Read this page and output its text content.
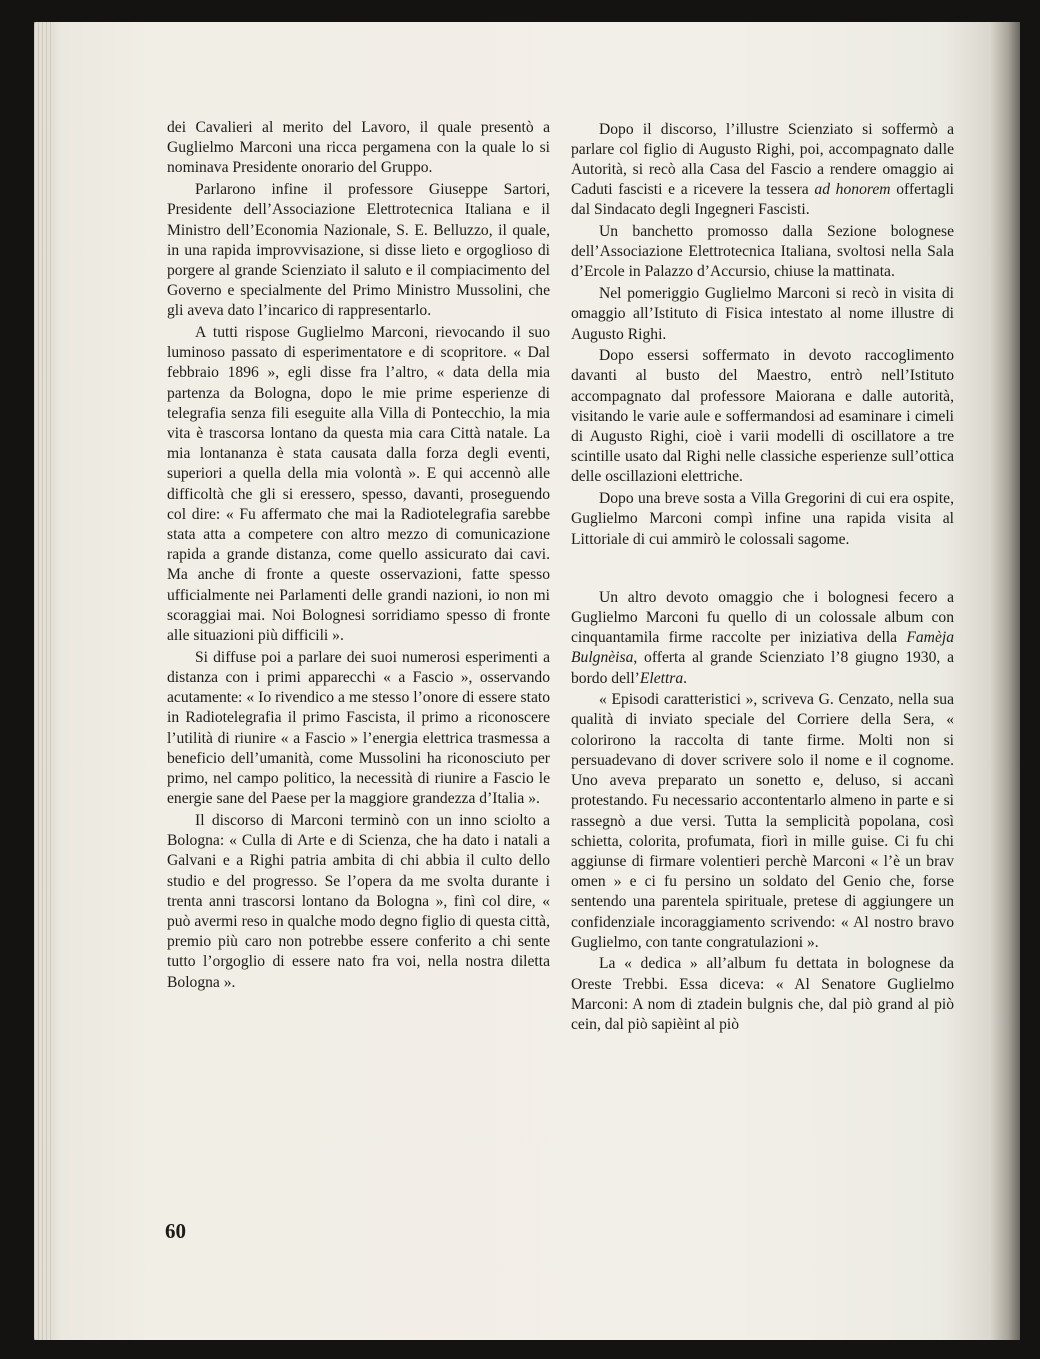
dei Cavalieri al merito del Lavoro, il quale presentò a Guglielmo Marconi una ricca pergamena con la quale lo si nominava Presidente onorario del Gruppo.

Parlarono infine il professore Giuseppe Sartori, Presidente dell’Associazione Elettrotecnica Italiana e il Ministro dell’Economia Nazionale, S. E. Belluzzo, il quale, in una rapida improvvisazione, si disse lieto e orgoglioso di porgere al grande Scienziato il saluto e il compiacimento del Governo e specialmente del Primo Ministro Mussolini, che gli aveva dato l’incarico di rappresentarlo.

A tutti rispose Guglielmo Marconi, rievocando il suo luminoso passato di esperimentatore e di scopritore. « Dal febbraio 1896 », egli disse fra l’altro, « data della mia partenza da Bologna, dopo le mie prime esperienze di telegrafia senza fili eseguite alla Villa di Pontecchio, la mia vita è trascorsa lontano da questa mia cara Città natale. La mia lontananza è stata causata dalla forza degli eventi, superiori a quella della mia volontà ». E qui accennò alle difficoltà che gli si eressero, spesso, davanti, proseguendo col dire: « Fu affermato che mai la Radiotelegrafia sarebbe stata atta a competere con altro mezzo di comunicazione rapida a grande distanza, come quello assicurato dai cavi. Ma anche di fronte a queste osservazioni, fatte spesso ufficialmente nei Parlamenti delle grandi nazioni, io non mi scoraggiai mai. Noi Bolognesi sorridiamo spesso di fronte alle situazioni più difficili ».

Si diffuse poi a parlare dei suoi numerosi esperimenti a distanza con i primi apparecchi « a Fascio », osservando acutamente: « Io rivendico a me stesso l’onore di essere stato in Radiotelegrafia il primo Fascista, il primo a riconoscere l’utilità di riunire « a Fascio » l’energia elettrica trasmessa a beneficio dell’umanità, come Mussolini ha riconosciuto per primo, nel campo politico, la necessità di riunire a Fascio le energie sane del Paese per la maggiore grandezza d’Italia ».

Il discorso di Marconi terminò con un inno sciolto a Bologna: « Culla di Arte e di Scienza, che ha dato i natali a Galvani e a Righi patria ambita di chi abbia il culto dello studio e del progresso. Se l’opera da me svolta durante i trenta anni trascorsi lontano da Bologna », finì col dire, « può avermi reso in qualche modo degno figlio di questa città, premio più caro non potrebbe essere conferito a chi sente tutto l’orgoglio di essere nato fra voi, nella nostra diletta Bologna ».

Dopo il discorso, l’illustre Scienziato si soffermò a parlare col figlio di Augusto Righi, poi, accompagnato dalle Autorità, si recò alla Casa del Fascio a rendere omaggio ai Caduti fascisti e a ricevere la tessera ad honorem offertagli dal Sindacato degli Ingegneri Fascisti.

Un banchetto promosso dalla Sezione bolognese dell’Associazione Elettrotecnica Italiana, svoltosi nella Sala d’Ercole in Palazzo d’Accursio, chiuse la mattinata.

Nel pomeriggio Guglielmo Marconi si recò in visita di omaggio all’Istituto di Fisica intestato al nome illustre di Augusto Righi.

Dopo essersi soffermato in devoto raccoglimento davanti al busto del Maestro, entrò nell’Istituto accompagnato dal professore Maiorana e dalle autorità, visitando le varie aule e soffermandosi ad esaminare i cimeli di Augusto Righi, cioè i varii modelli di oscillatore a tre scintille usato dal Righi nelle classiche esperienze sull’ottica delle oscillazioni elettriche.

Dopo una breve sosta a Villa Gregorini di cui era ospite, Guglielmo Marconi compì infine una rapida visita al Littoriale di cui ammirò le colossali sagome.

Un altro devoto omaggio che i bolognesi fecero a Guglielmo Marconi fu quello di un colossale album con cinquantamila firme raccolte per iniziativa della Famèja Bulgnèisa, offerta al grande Scienziato l’8 giugno 1930, a bordo dell’Elettra.

« Episodi caratteristici », scriveva G. Cenzato, nella sua qualità di inviato speciale del Corriere della Sera, « colorirono la raccolta di tante firme. Molti non si persuadevano di dover scrivere solo il nome e il cognome. Uno aveva preparato un sonetto e, deluso, si accanì protestando. Fu necessario accontentarlo almeno in parte e si rassegnò a due versi. Tutta la semplicità popolana, così schietta, colorita, profumata, fiorì in mille guise. Ci fu chi aggiunse di firmare volentieri perchè Marconi « l’è un brav omen » e ci fu persino un soldato del Genio che, forse sentendo una parentela spirituale, pretese di aggiungere un confidenziale incoraggiamento scrivendo: « Al nostro bravo Guglielmo, con tante congratulazioni ».

La « dedica » all’album fu dettata in bolognese da Oreste Trebbi. Essa diceva: « Al Senatore Guglielmo Marconi: A nom di ztadein bulgnis che, dal piò grand al piò cein, dal piò sapièint al piò

60
